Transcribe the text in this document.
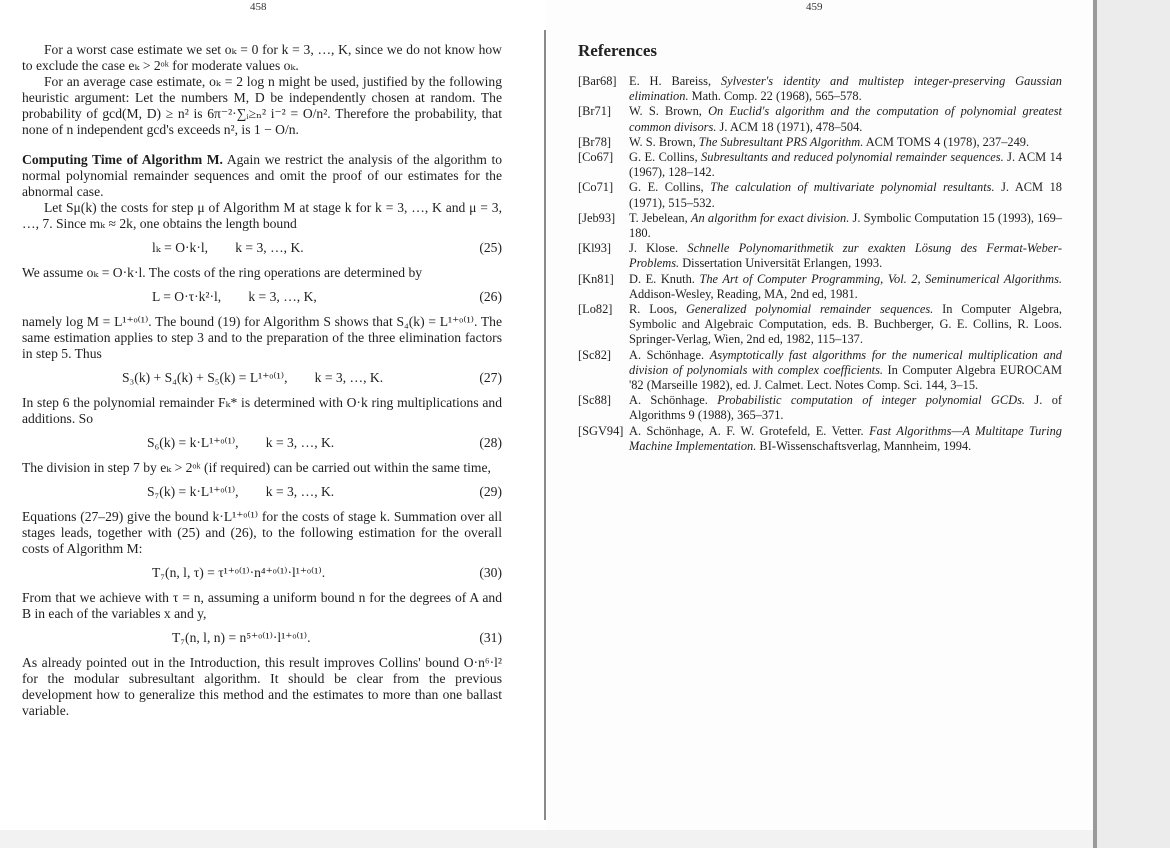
458

For a worst case estimate we set oₖ = 0 for k = 3, …, K, since we do not know how to exclude the case eₖ > 2ᵒᵏ for moderate values oₖ.

For an average case estimate, oₖ = 2 log n might be used, justified by the following heuristic argument: Let the numbers M, D be independently chosen at random. The probability of gcd(M, D) ≥ n² is 6π⁻²·∑ᵢ≥ₙ² i⁻² = Ο/n². Therefore the probability, that none of n independent gcd's exceeds n², is 1 − Ο/n.

Computing Time of Algorithm M. Again we restrict the analysis of the algorithm to normal polynomial remainder sequences and omit the proof of our estimates for the abnormal case.

Let Sμ(k) the costs for step μ of Algorithm M at stage k for k = 3, …, K and μ = 3, …, 7. Since mₖ ≈ 2k, one obtains the length bound

lₖ = Ο·k·l,        k = 3, …, K.	(25)

We assume oₖ = Ο·k·l. The costs of the ring operations are determined by

L = Ο·τ·k²·l,        k = 3, …, K,	(26)

namely log M = L¹⁺ᵒ⁽¹⁾. The bound (19) for Algorithm S shows that S₄(k) = L¹⁺ᵒ⁽¹⁾. The same estimation applies to step 3 and to the preparation of the three elimination factors in step 5. Thus

S₃(k) + S₄(k) + S₅(k) = L¹⁺ᵒ⁽¹⁾,        k = 3, …, K.	(27)

In step 6 the polynomial remainder Fₖ* is determined with Ο·k ring multiplications and additions. So

S₆(k) = k·L¹⁺ᵒ⁽¹⁾,        k = 3, …, K.	(28)

The division in step 7 by eₖ > 2ᵒᵏ (if required) can be carried out within the same time,

S₇(k) = k·L¹⁺ᵒ⁽¹⁾,        k = 3, …, K.	(29)

Equations (27–29) give the bound k·L¹⁺ᵒ⁽¹⁾ for the costs of stage k. Summation over all stages leads, together with (25) and (26), to the following estimation for the overall costs of Algorithm M:

T₇(n, l, τ) = τ¹⁺ᵒ⁽¹⁾·n⁴⁺ᵒ⁽¹⁾·l¹⁺ᵒ⁽¹⁾.	(30)

From that we achieve with τ = n, assuming a uniform bound n for the degrees of A and B in each of the variables x and y,

T₇(n, l, n) = n⁵⁺ᵒ⁽¹⁾·l¹⁺ᵒ⁽¹⁾.	(31)

As already pointed out in the Introduction, this result improves Collins' bound Ο·n⁶·l² for the modular subresultant algorithm. It should be clear from the previous development how to generalize this method and the estimates to more than one ballast variable.

459
References
[Bar68]	E. H. Bareiss, Sylvester's identity and multistep integer-preserving Gaussian elimination. Math. Comp. 22 (1968), 565–578.
[Br71]	W. S. Brown, On Euclid's algorithm and the computation of polynomial greatest common divisors. J. ACM 18 (1971), 478–504.
[Br78]	W. S. Brown, The Subresultant PRS Algorithm. ACM TOMS 4 (1978), 237–249.
[Co67]	G. E. Collins, Subresultants and reduced polynomial remainder sequences. J. ACM 14 (1967), 128–142.
[Co71]	G. E. Collins, The calculation of multivariate polynomial resultants. J. ACM 18 (1971), 515–532.
[Jeb93]	T. Jebelean, An algorithm for exact division. J. Symbolic Computation 15 (1993), 169–180.
[Kl93]	J. Klose. Schnelle Polynomarithmetik zur exakten Lösung des Fermat-Weber-Problems. Dissertation Universität Erlangen, 1993.
[Kn81]	D. E. Knuth. The Art of Computer Programming, Vol. 2, Seminumerical Algorithms. Addison-Wesley, Reading, MA, 2nd ed, 1981.
[Lo82]	R. Loos, Generalized polynomial remainder sequences. In Computer Algebra, Symbolic and Algebraic Computation, eds. B. Buchberger, G. E. Collins, R. Loos. Springer-Verlag, Wien, 2nd ed, 1982, 115–137.
[Sc82]	A. Schönhage. Asymptotically fast algorithms for the numerical multiplication and division of polynomials with complex coefficients. In Computer Algebra EUROCAM '82 (Marseille 1982), ed. J. Calmet. Lect. Notes Comp. Sci. 144, 3–15.
[Sc88]	A. Schönhage. Probabilistic computation of integer polynomial GCDs. J. of Algorithms 9 (1988), 365–371.
[SGV94] A. Schönhage, A. F. W. Grotefeld, E. Vetter. Fast Algorithms—A Multitape Turing Machine Implementation. BI-Wissenschaftsverlag, Mannheim, 1994.
